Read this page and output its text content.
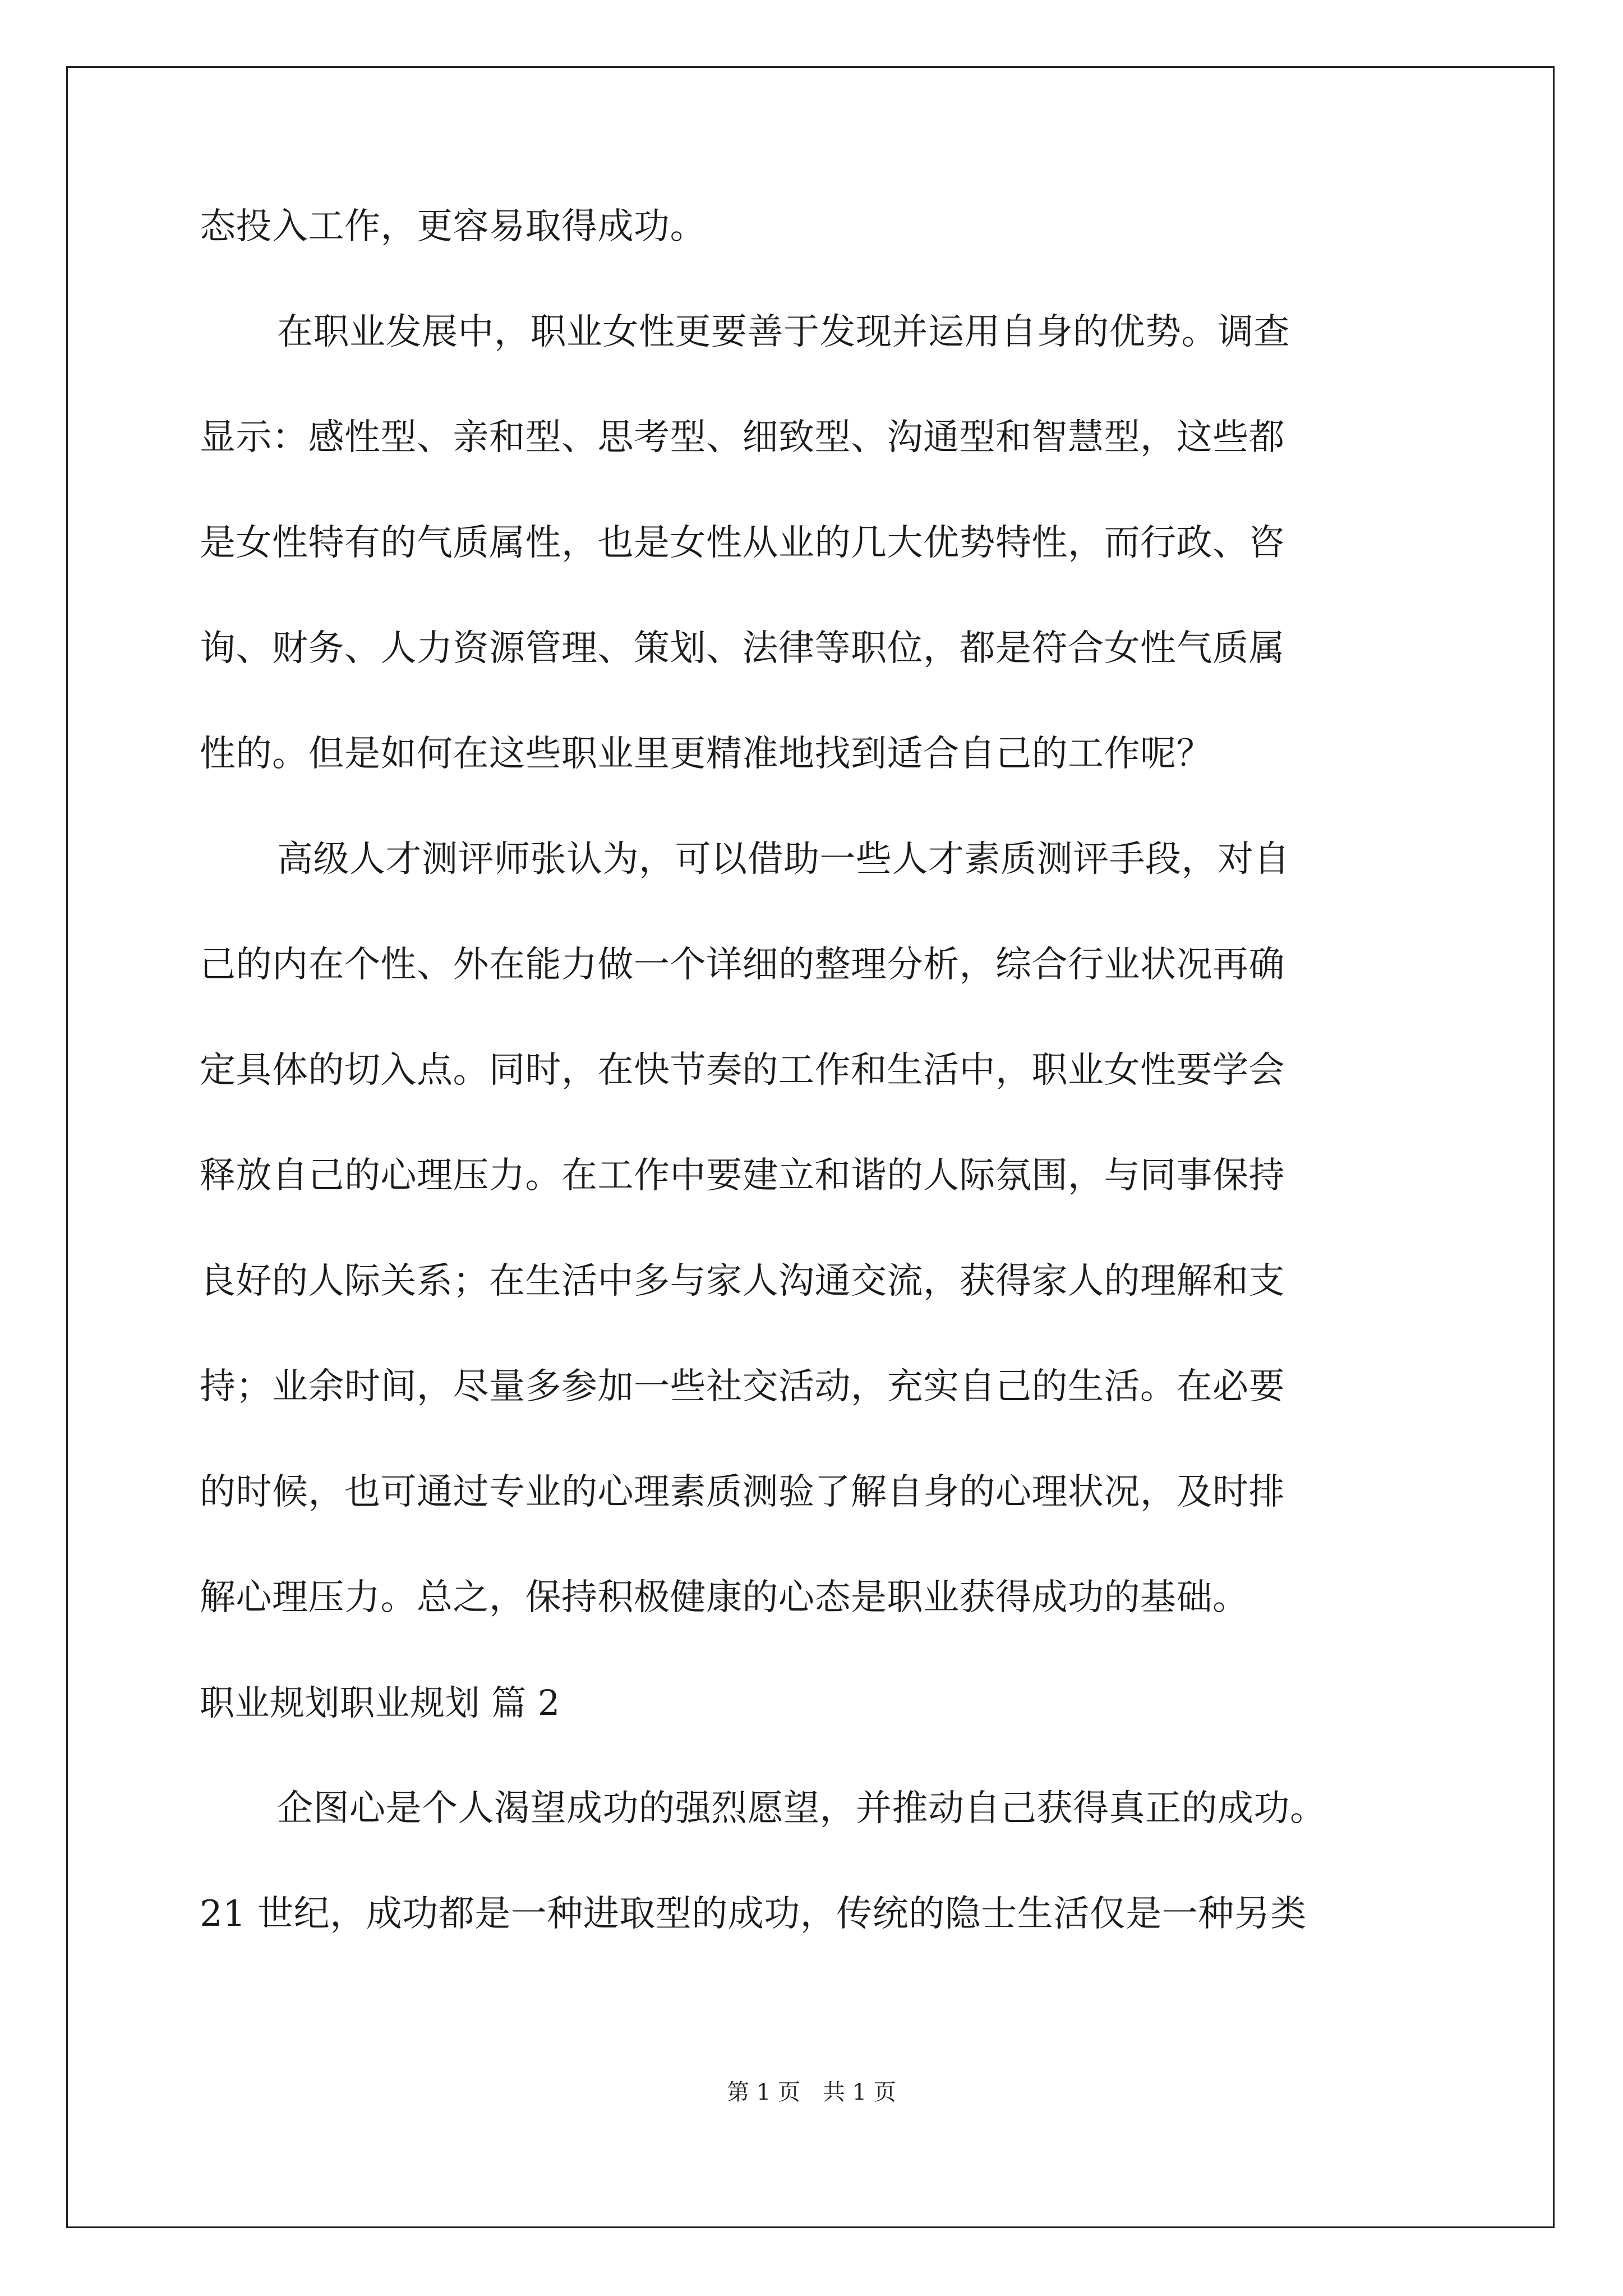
态投入工作，更容易取得成功。
在职业发展中，职业女性更要善于发现并运用自身的优势。调查
显示：感性型、亲和型、思考型、细致型、沟通型和智慧型，这些都
是女性特有的气质属性，也是女性从业的几大优势特性，而行政、咨
询、财务、人力资源管理、策划、法律等职位，都是符合女性气质属
性的。但是如何在这些职业里更精准地找到适合自己的工作呢？
高级人才测评师张认为，可以借助一些人才素质测评手段，对自
己的内在个性、外在能力做一个详细的整理分析，综合行业状况再确
定具体的切入点。同时，在快节奏的工作和生活中，职业女性要学会
释放自己的心理压力。在工作中要建立和谐的人际氛围，与同事保持
良好的人际关系；在生活中多与家人沟通交流，获得家人的理解和支
持；业余时间，尽量多参加一些社交活动，充实自己的生活。在必要
的时候，也可通过专业的心理素质测验了解自身的心理状况，及时排
解心理压力。总之，保持积极健康的心态是职业获得成功的基础。
职业规划职业规划 篇 2
企图心是个人渴望成功的强烈愿望，并推动自己获得真正的成功。
21 世纪，成功都是一种进取型的成功，传统的隐士生活仅是一种另类
第 1 页　共 1 页
